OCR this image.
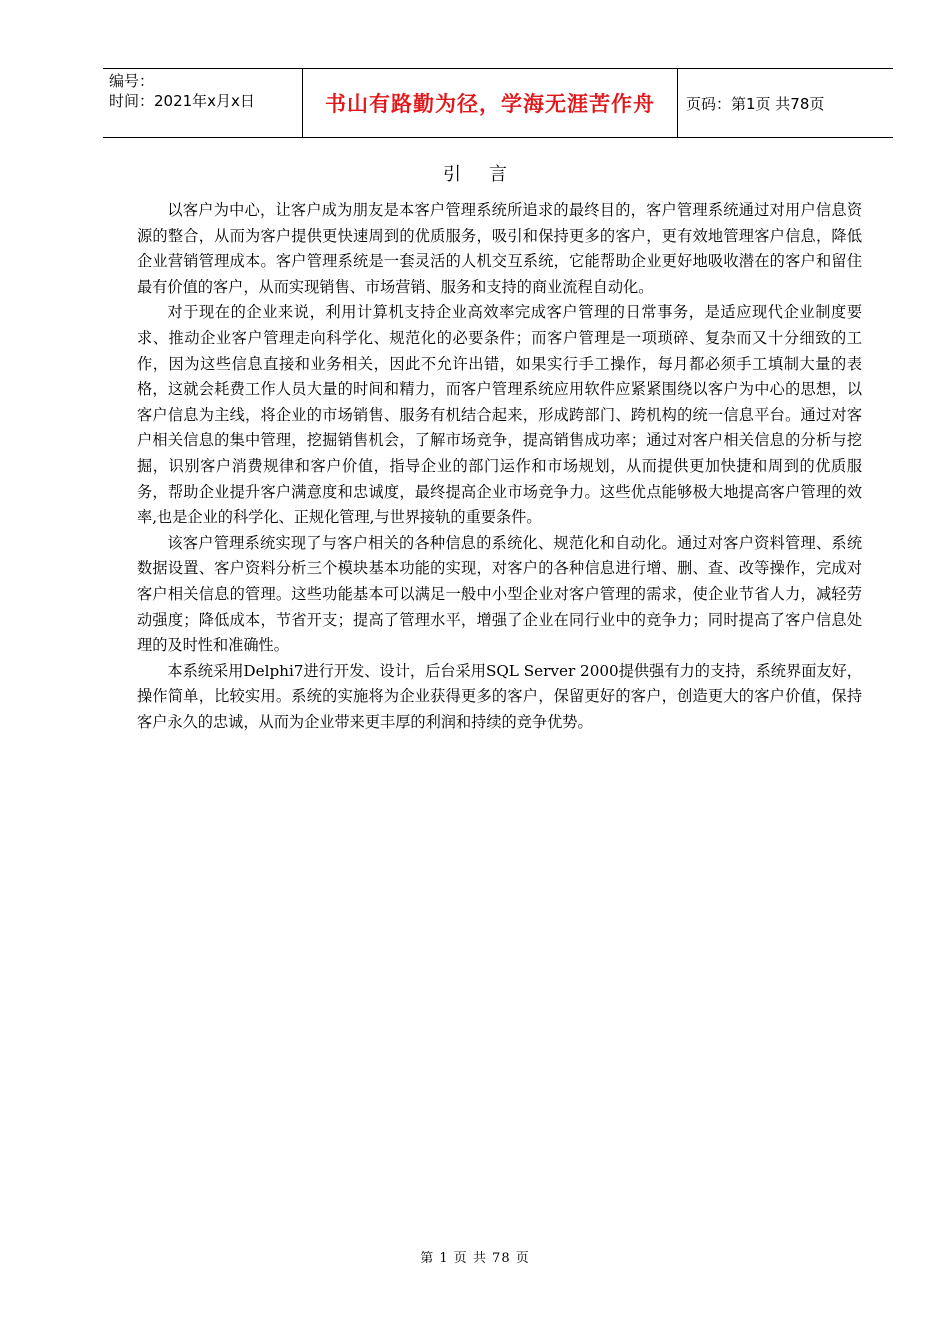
编号：
时间：2021年x月x日	书山有路勤为径，学海无涯苦作舟	页码：第1页 共78页
引言

以客户为中心，让客户成为朋友是本客户管理系统所追求的最终目的，客户管理系统通过对用户信息资源的整合，从而为客户提供更快速周到的优质服务，吸引和保持更多的客户，更有效地管理客户信息，降低企业营销管理成本。客户管理系统是一套灵活的人机交互系统，它能帮助企业更好地吸收潜在的客户和留住最有价值的客户，从而实现销售、市场营销、服务和支持的商业流程自动化。

对于现在的企业来说，利用计算机支持企业高效率完成客户管理的日常事务，是适应现代企业制度要求、推动企业客户管理走向科学化、规范化的必要条件；而客户管理是一项琐碎、复杂而又十分细致的工作，因为这些信息直接和业务相关，因此不允许出错，如果实行手工操作，每月都必须手工填制大量的表格，这就会耗费工作人员大量的时间和精力，而客户管理系统应用软件应紧紧围绕以客户为中心的思想，以客户信息为主线，将企业的市场销售、服务有机结合起来，形成跨部门、跨机构的统一信息平台。通过对客户相关信息的集中管理，挖掘销售机会，了解市场竞争，提高销售成功率；通过对客户相关信息的分析与挖掘，识别客户消费规律和客户价值，指导企业的部门运作和市场规划，从而提供更加快捷和周到的优质服务，帮助企业提升客户满意度和忠诚度，最终提高企业市场竞争力。这些优点能够极大地提高客户管理的效率,也是企业的科学化、正规化管理,与世界接轨的重要条件。

该客户管理系统实现了与客户相关的各种信息的系统化、规范化和自动化。通过对客户资料管理、系统数据设置、客户资料分析三个模块基本功能的实现，对客户的各种信息进行增、删、查、改等操作，完成对客户相关信息的管理。这些功能基本可以满足一般中小型企业对客户管理的需求，使企业节省人力，减轻劳动强度；降低成本，节省开支；提高了管理水平，增强了企业在同行业中的竞争力；同时提高了客户信息处理的及时性和准确性。

本系统采用Delphi7进行开发、设计，后台采用SQL Server 2000提供强有力的支持，系统界面友好，操作简单，比较实用。系统的实施将为企业获得更多的客户，保留更好的客户，创造更大的客户价值，保持客户永久的忠诚，从而为企业带来更丰厚的利润和持续的竞争优势。

第 1 页 共 78 页
